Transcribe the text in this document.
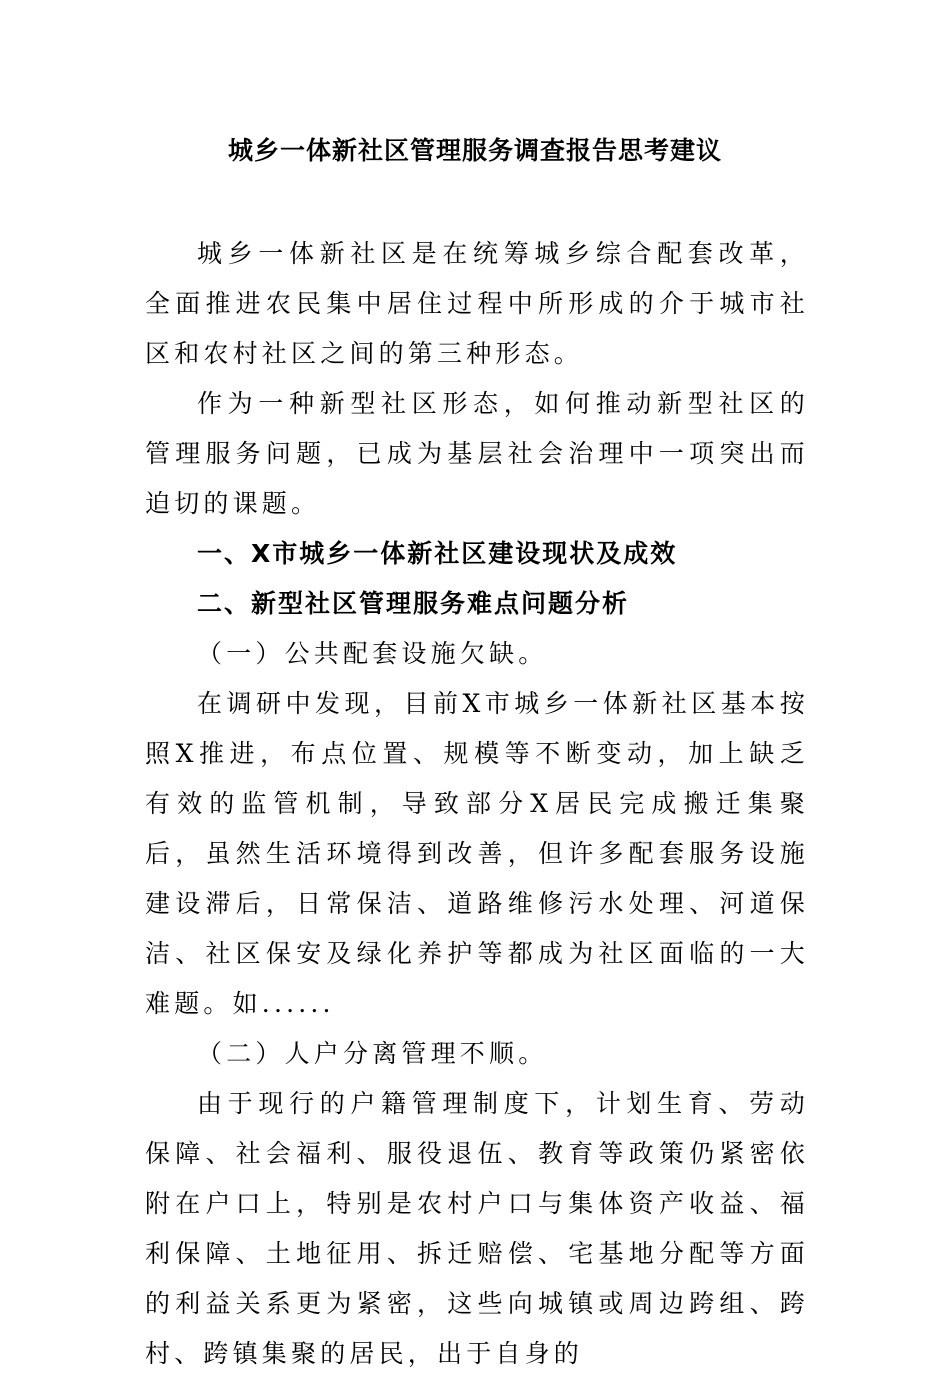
城乡一体新社区管理服务调查报告思考建议

城乡一体新社区是在统筹城乡综合配套改革，全面推进农民集中居住过程中所形成的介于城市社区和农村社区之间的第三种形态。

作为一种新型社区形态，如何推动新型社区的管理服务问题，已成为基层社会治理中一项突出而迫切的课题。

一、X市城乡一体新社区建设现状及成效

二、新型社区管理服务难点问题分析

（一）公共配套设施欠缺。

在调研中发现，目前X市城乡一体新社区基本按照X推进，布点位置、规模等不断变动，加上缺乏有效的监管机制，导致部分X居民完成搬迁集聚后，虽然生活环境得到改善，但许多配套服务设施建设滞后，日常保洁、道路维修污水处理、河道保洁、社区保安及绿化养护等都成为社区面临的一大难题。如......

（二）人户分离管理不顺。

由于现行的户籍管理制度下，计划生育、劳动保障、社会福利、服役退伍、教育等政策仍紧密依附在户口上，特别是农村户口与集体资产收益、福利保障、土地征用、拆迁赔偿、宅基地分配等方面的利益关系更为紧密，这些向城镇或周边跨组、跨村、跨镇集聚的居民，出于自身的
